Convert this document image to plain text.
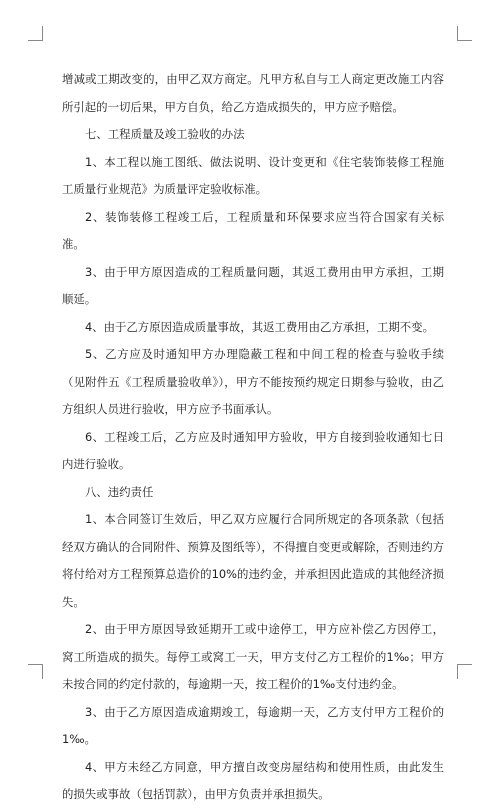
增减或工期改变的，由甲乙双方商定。凡甲方私自与工人商定更改施工内容所引起的一切后果，甲方自负，给乙方造成损失的，甲方应予赔偿。

七、工程质量及竣工验收的办法

1、本工程以施工图纸、做法说明、设计变更和《住宅装饰装修工程施工质量行业规范》为质量评定验收标准。

2、装饰装修工程竣工后，工程质量和环保要求应当符合国家有关标准。

3、由于甲方原因造成的工程质量问题，其返工费用由甲方承担，工期顺延。

4、由于乙方原因造成质量事故，其返工费用由乙方承担，工期不变。

5、乙方应及时通知甲方办理隐蔽工程和中间工程的检查与验收手续（见附件五《工程质量验收单》），甲方不能按预约规定日期参与验收，由乙方组织人员进行验收，甲方应予书面承认。

6、工程竣工后，乙方应及时通知甲方验收，甲方自接到验收通知七日内进行验收。

八、违约责任

1、本合同签订生效后，甲乙双方应履行合同所规定的各项条款（包括经双方确认的合同附件、预算及图纸等），不得擅自变更或解除，否则违约方将付给对方工程预算总造价的10%的违约金，并承担因此造成的其他经济损失。

2、由于甲方原因导致延期开工或中途停工，甲方应补偿乙方因停工，窝工所造成的损失。每停工或窝工一天，甲方支付乙方工程价的1‰；甲方未按合同的约定付款的，每逾期一天，按工程价的1‰支付违约金。

3、由于乙方原因造成逾期竣工，每逾期一天，乙方支付甲方工程价的1‰。

4、甲方未经乙方同意，甲方擅自改变房屋结构和使用性质，由此发生的损失或事故（包括罚款），由甲方负责并承担损失。
